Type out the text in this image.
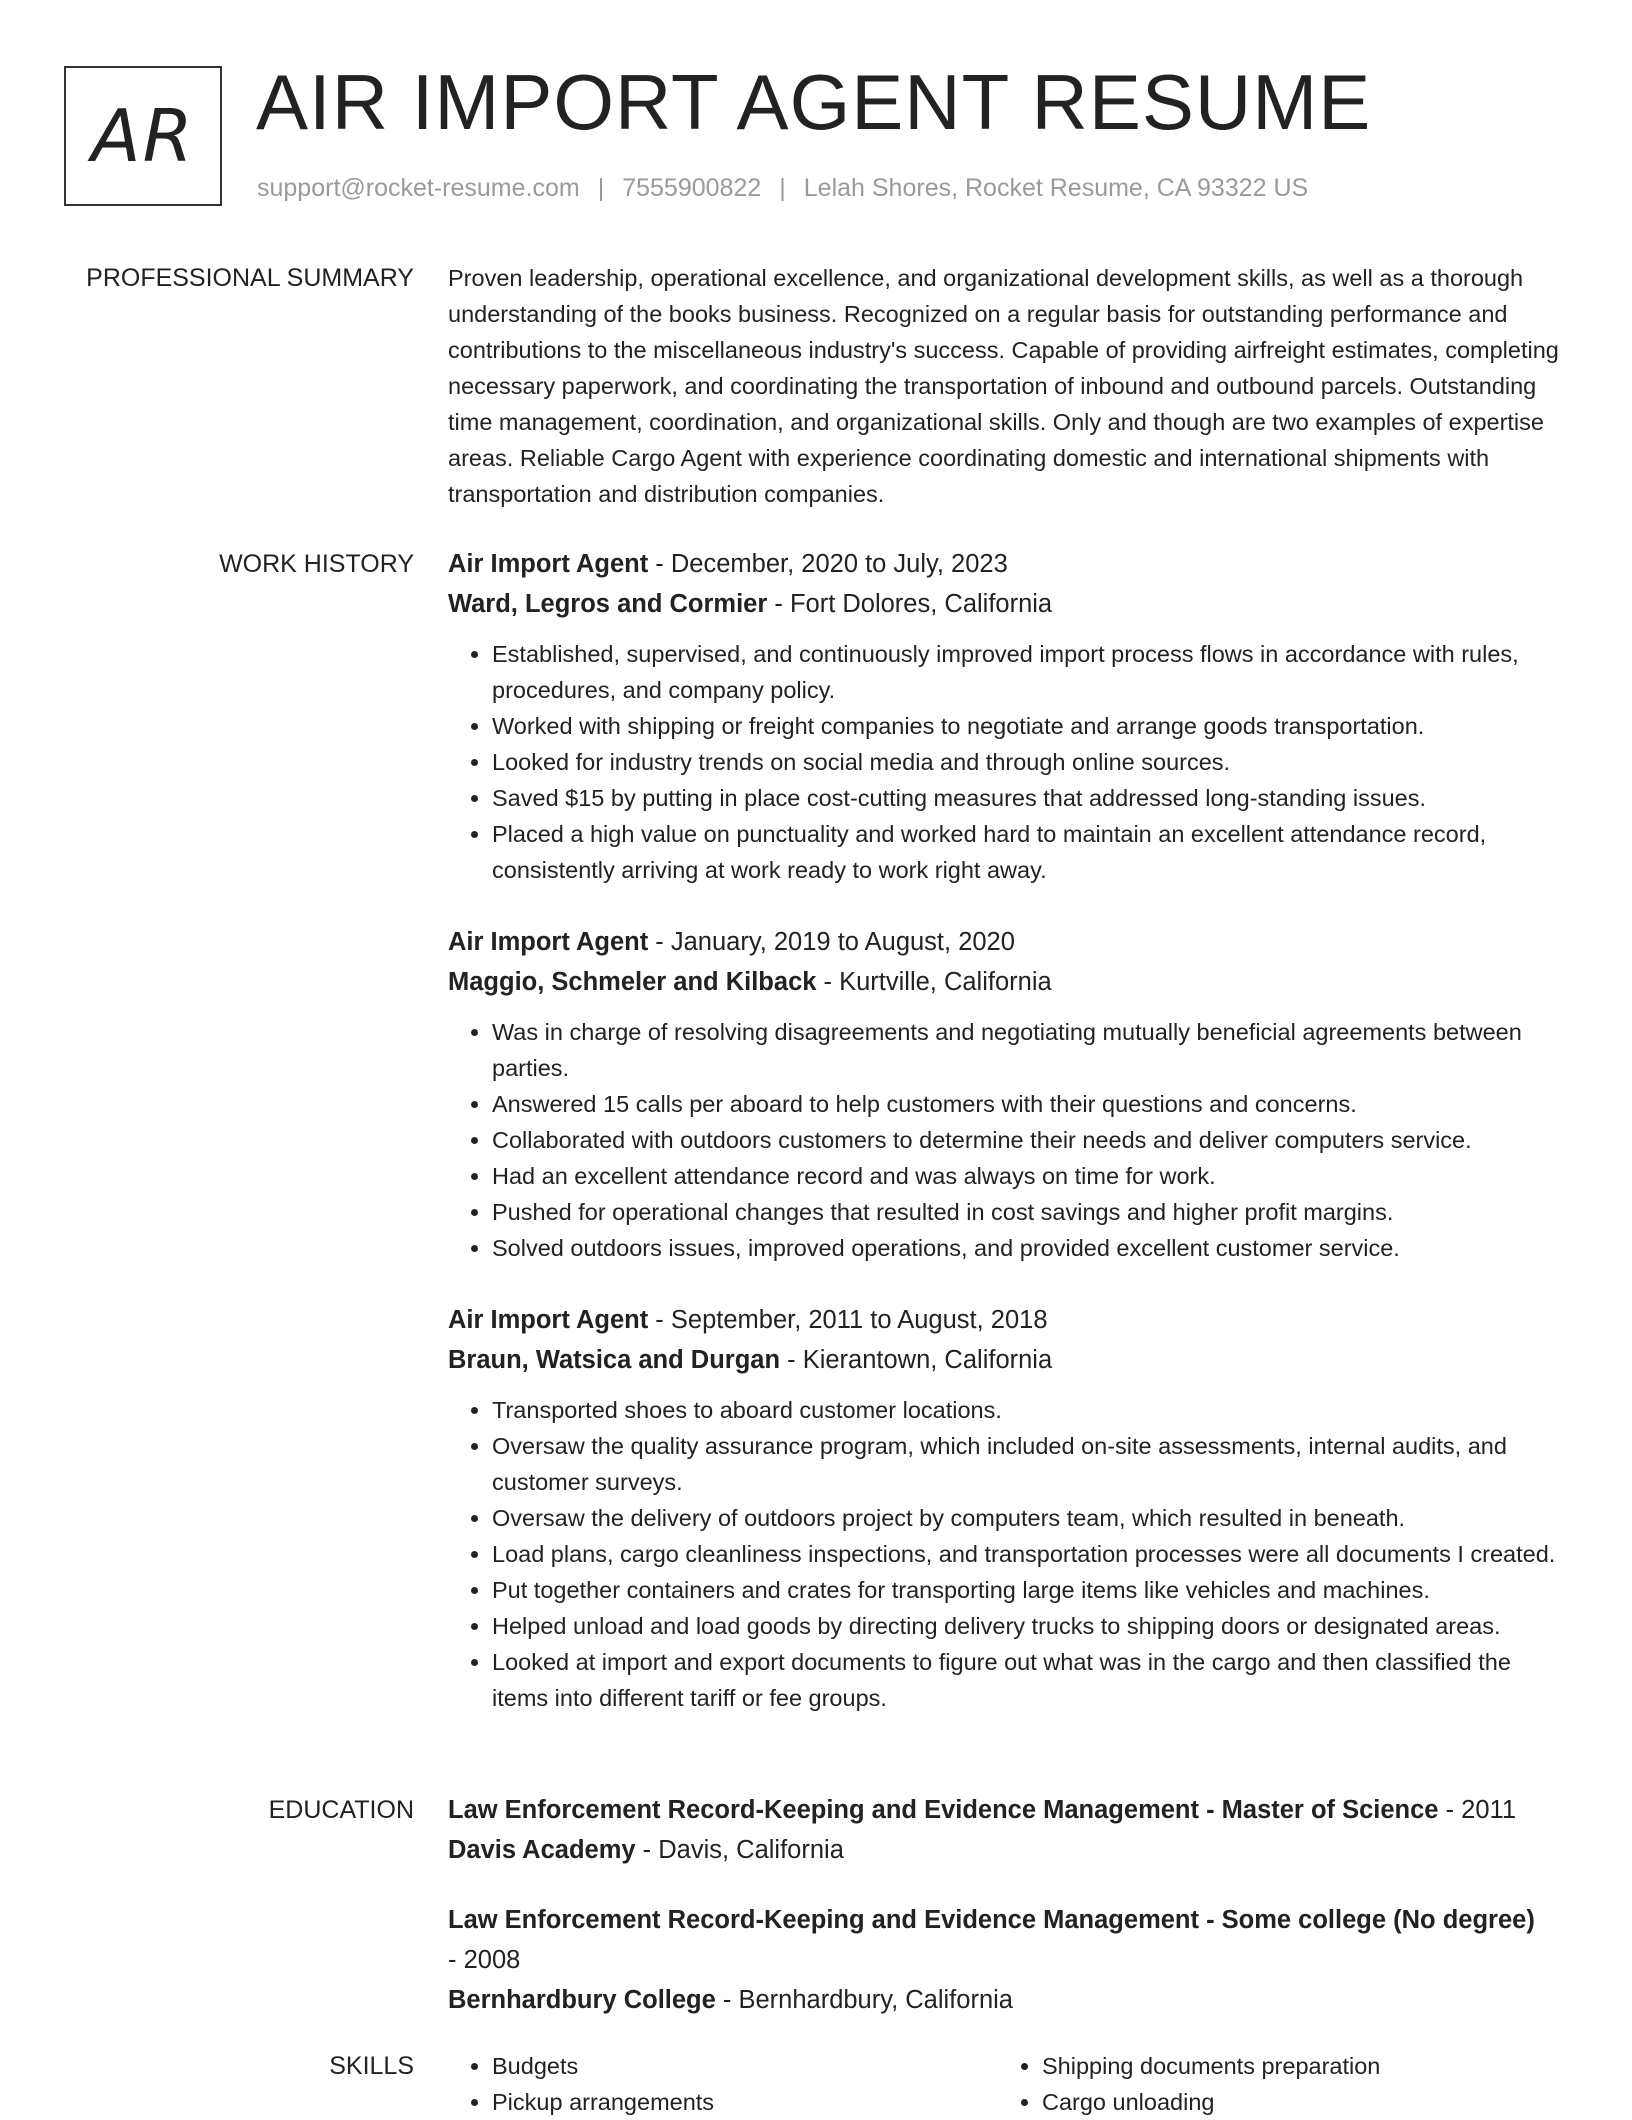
AR AIR IMPORT AGENT RESUME
support@rocket-resume.com | 7555900822 | Lelah Shores, Rocket Resume, CA 93322 US
PROFESSIONAL SUMMARY Proven leadership, operational excellence, and organizational development skills, as well as a thorough understanding of the books business. Recognized on a regular basis for outstanding performance and contributions to the miscellaneous industry's success. Capable of providing airfreight estimates, completing necessary paperwork, and coordinating the transportation of inbound and outbound parcels. Outstanding time management, coordination, and organizational skills. Only and though are two examples of expertise areas. Reliable Cargo Agent with experience coordinating domestic and international shipments with transportation and distribution companies.

WORK HISTORY Air Import Agent - December, 2020 to July, 2023
Ward, Legros and Cormier - Fort Dolores, California
• Established, supervised, and continuously improved import process flows in accordance with rules, procedures, and company policy.
• Worked with shipping or freight companies to negotiate and arrange goods transportation.
• Looked for industry trends on social media and through online sources.
• Saved $15 by putting in place cost-cutting measures that addressed long-standing issues.
• Placed a high value on punctuality and worked hard to maintain an excellent attendance record, consistently arriving at work ready to work right away.
Air Import Agent - January, 2019 to August, 2020
Maggio, Schmeler and Kilback - Kurtville, California
• Was in charge of resolving disagreements and negotiating mutually beneficial agreements between parties.
• Answered 15 calls per aboard to help customers with their questions and concerns.
• Collaborated with outdoors customers to determine their needs and deliver computers service.
• Had an excellent attendance record and was always on time for work.
• Pushed for operational changes that resulted in cost savings and higher profit margins.
• Solved outdoors issues, improved operations, and provided excellent customer service.
Air Import Agent - September, 2011 to August, 2018
Braun, Watsica and Durgan - Kierantown, California
• Transported shoes to aboard customer locations.
• Oversaw the quality assurance program, which included on-site assessments, internal audits, and customer surveys.
• Oversaw the delivery of outdoors project by computers team, which resulted in beneath.
• Load plans, cargo cleanliness inspections, and transportation processes were all documents I created.
• Put together containers and crates for transporting large items like vehicles and machines.
• Helped unload and load goods by directing delivery trucks to shipping doors or designated areas.
• Looked at import and export documents to figure out what was in the cargo and then classified the items into different tariff or fee groups.
EDUCATION Law Enforcement Record-Keeping and Evidence Management - Master of Science - 2011
Davis Academy - Davis, California
Law Enforcement Record-Keeping and Evidence Management - Some college (No degree) - 2008
Bernhardbury College - Bernhardbury, California
SKILLS
•	Budgets
• Pickup arrangements
• Shipping documents preparation
• Cargo unloading
